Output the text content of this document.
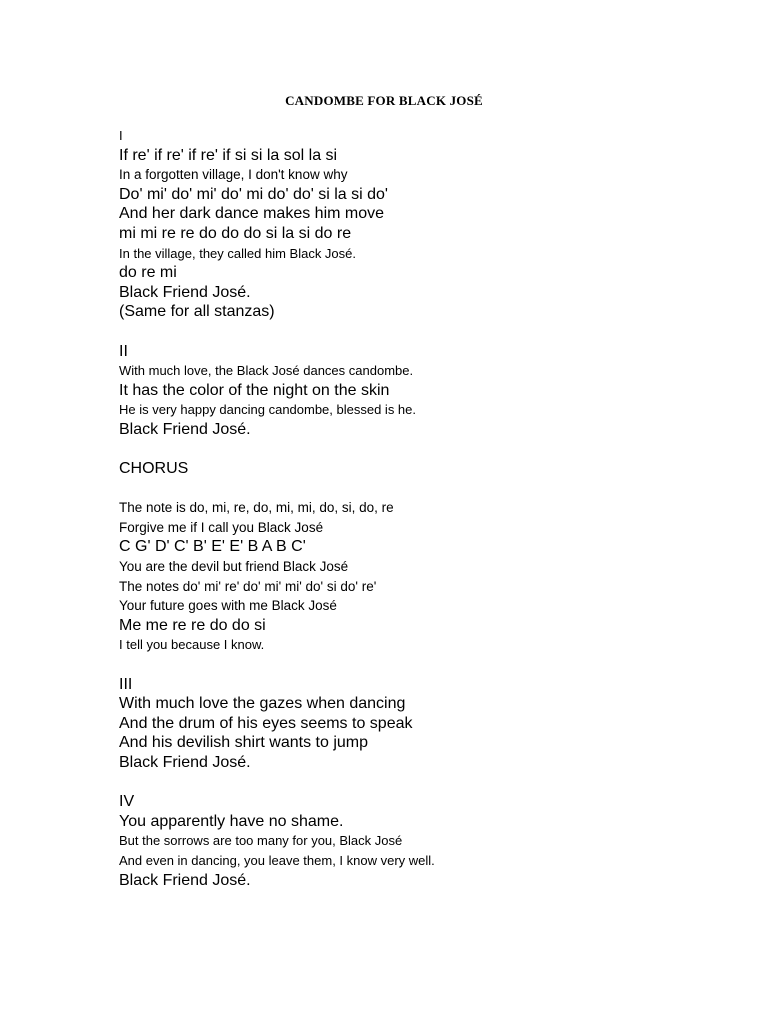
CANDOMBE FOR BLACK JOSÉ
I
If re' if re' if re' if si si la sol la si
In a forgotten village, I don't know why
Do' mi' do' mi' do' mi do' do' si la si do'
And her dark dance makes him move
mi mi re re do do do si la si do re
In the village, they called him Black José.
do re mi
Black Friend José.
(Same for all stanzas)
II
With much love, the Black José dances candombe.
It has the color of the night on the skin
He is very happy dancing candombe, blessed is he.
Black Friend José.
CHORUS
The note is do, mi, re, do, mi, mi, do, si, do, re
Forgive me if I call you Black José
C G' D' C' B' E' E' B A B C'
You are the devil but friend Black José
The notes do' mi' re' do' mi' mi' do' si do' re'
Your future goes with me Black José
Me me re re do do si
I tell you because I know.
III
With much love the gazes when dancing
And the drum of his eyes seems to speak
And his devilish shirt wants to jump
Black Friend José.
IV
You apparently have no shame.
But the sorrows are too many for you, Black José
And even in dancing, you leave them, I know very well.
Black Friend José.
